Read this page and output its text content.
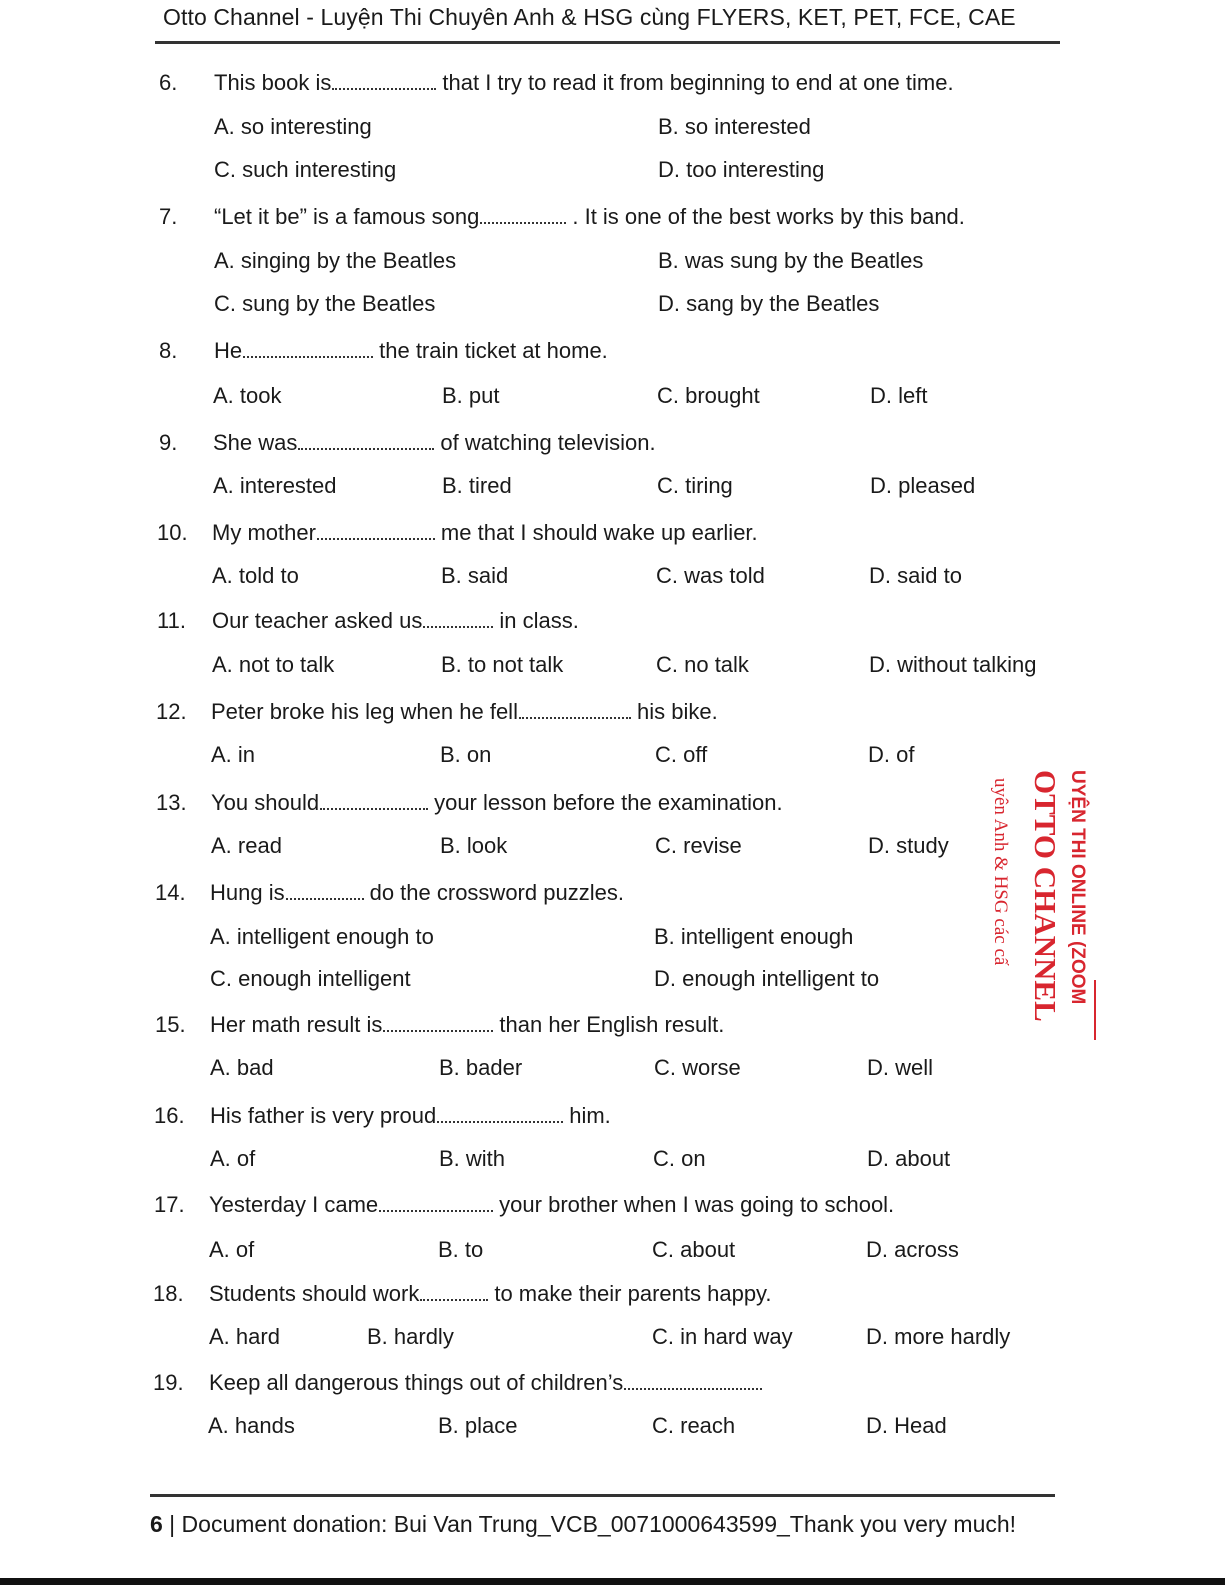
Otto Channel - Luyện Thi Chuyên Anh & HSG cùng FLYERS, KET, PET, FCE, CAE
6. This book is	that I try to read it from beginning to end at one time.
A. so interesting	B. so interested
C. such interesting	D. too interesting
7. “Let it be” is a famous song	. It is one of the best works by this band.
A. singing by the Beatles	B. was sung by the Beatles
C. sung by the Beatles	D. sang by the Beatles
8. He	the train ticket at home.
A. took	B. put	C. brought	D. left
9. She was	of watching television.
A. interested	B. tired	C. tiring	D. pleased
10. My mother	me that I should wake up earlier.
A. told to	B. said	C. was told	D. said to
11. Our teacher asked us	in class.
A. not to talk	B. to not talk	C. no talk	D. without talking
12. Peter broke his leg when he fell	his bike.
A. in	B. on	C. off	D. of
13. You should	your lesson before the examination.
A. read	B. look	C. revise	D. study
14. Hung is	do the crossword puzzles.
A. intelligent enough to	B. intelligent enough
C. enough intelligent	D. enough intelligent to
15. Her math result is	than her English result.
A. bad	B. bader	C. worse	D. well
16. His father is very proud	him.
A. of	B. with	C. on	D. about
17. Yesterday I came	your brother when I was going to school.
A. of	B. to	C. about	D. across
18. Students should work	to make their parents happy.
A. hard	B. hardly	C. in hard way	D. more hardly
19. Keep all dangerous things out of children’s
A. hands	B. place	C. reach	D. Head
UYỆN THI ONLINE (ZOOM
OTTO CHANNEL
uyên Anh & HSG các cấ
6 | Document donation: Bui Van Trung_VCB_0071000643599_Thank you very much!
